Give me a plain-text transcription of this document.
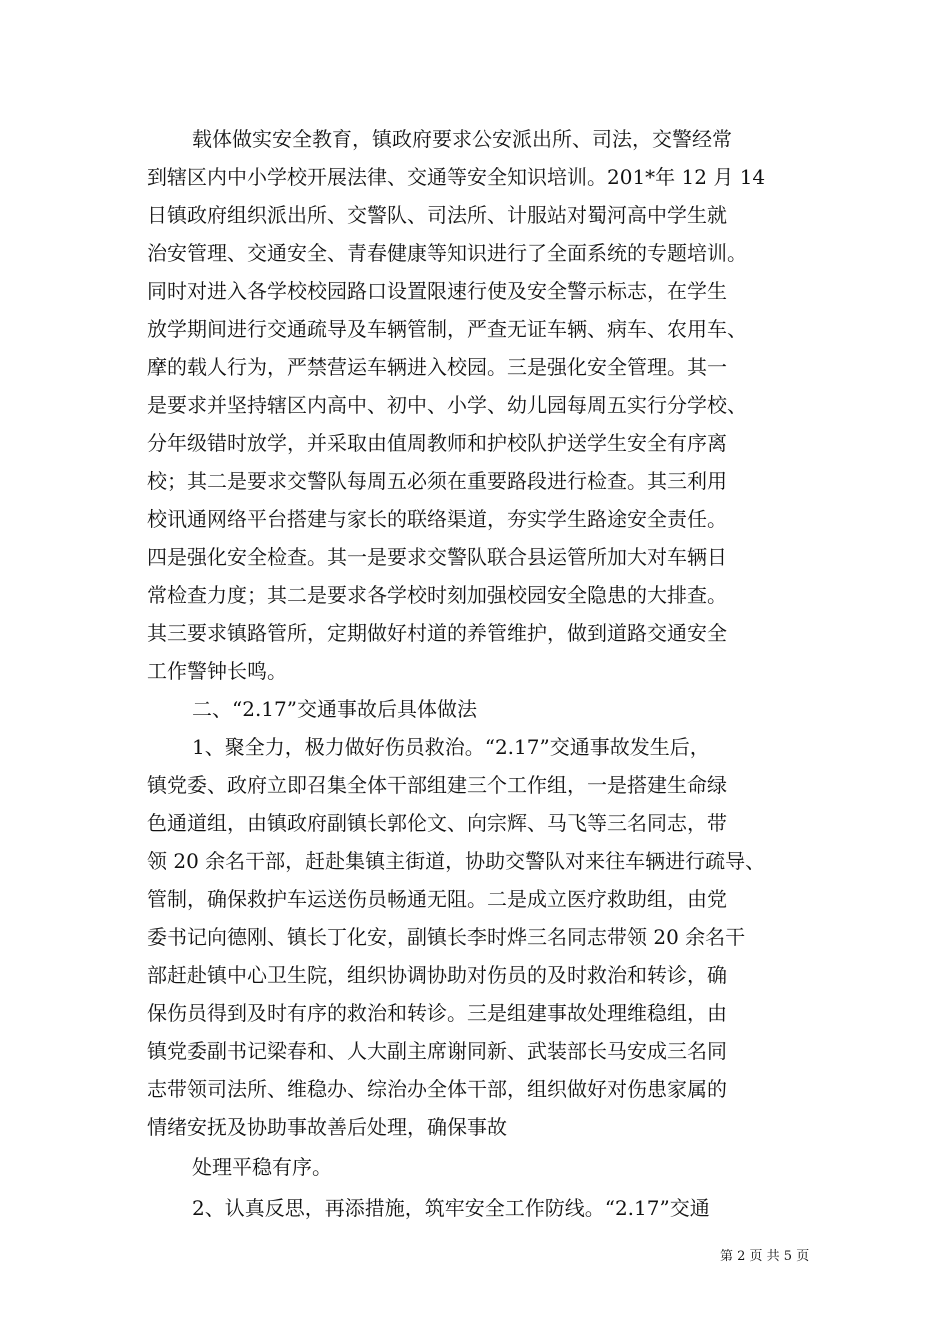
载体做实安全教育，镇政府要求公安派出所、司法，交警经常
到辖区内中小学校开展法律、交通等安全知识培训。201*年 12 月 14
日镇政府组织派出所、交警队、司法所、计服站对蜀河高中学生就
治安管理、交通安全、青春健康等知识进行了全面系统的专题培训。
同时对进入各学校校园路口设置限速行使及安全警示标志，在学生
放学期间进行交通疏导及车辆管制，严查无证车辆、病车、农用车、
摩的载人行为，严禁营运车辆进入校园。三是强化安全管理。其一
是要求并坚持辖区内高中、初中、小学、幼儿园每周五实行分学校、
分年级错时放学，并采取由值周教师和护校队护送学生安全有序离
校；其二是要求交警队每周五必须在重要路段进行检查。其三利用
校讯通网络平台搭建与家长的联络渠道，夯实学生路途安全责任。
四是强化安全检查。其一是要求交警队联合县运管所加大对车辆日
常检查力度；其二是要求各学校时刻加强校园安全隐患的大排查。
其三要求镇路管所，定期做好村道的养管维护，做到道路交通安全
工作警钟长鸣。
二、“2.17”交通事故后具体做法
1、聚全力，极力做好伤员救治。“2.17”交通事故发生后，
镇党委、政府立即召集全体干部组建三个工作组，一是搭建生命绿
色通道组，由镇政府副镇长郭伦文、向宗辉、马飞等三名同志，带
领 20 余名干部，赶赴集镇主街道，协助交警队对来往车辆进行疏导、
管制，确保救护车运送伤员畅通无阻。二是成立医疗救助组，由党
委书记向德刚、镇长丁化安，副镇长李时烨三名同志带领 20 余名干
部赶赴镇中心卫生院，组织协调协助对伤员的及时救治和转诊，确
保伤员得到及时有序的救治和转诊。三是组建事故处理维稳组，由
镇党委副书记梁春和、人大副主席谢同新、武装部长马安成三名同
志带领司法所、维稳办、综治办全体干部，组织做好对伤患家属的
情绪安抚及协助事故善后处理，确保事故
处理平稳有序。
2、认真反思，再添措施，筑牢安全工作防线。“2.17”交通
第 2 页 共 5 页
